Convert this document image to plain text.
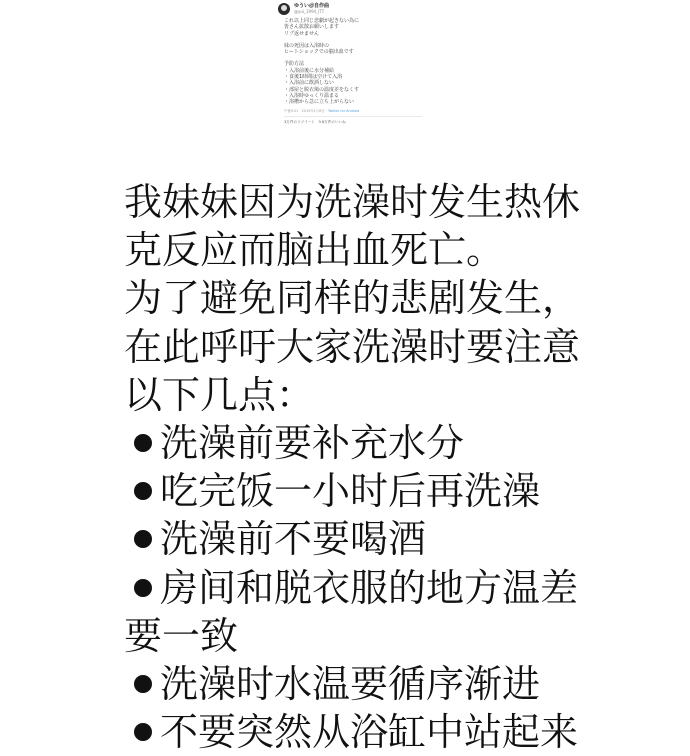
ゆうい＠自作曲
@yui_1994_ITT
これ以上同じ悲劇が起きない為に
皆さん拡散お願いします
リプ返せません
妹の死因は入浴時の
ヒートショックでの脳出血です
予防方法
・入浴前後に水分補給
・食後1時間は空けて入浴
・入浴前に飲酒しない
・部屋と脱衣場の温度差をなくす
・入浴時ゆっくり温まる
・浴槽から急に立ち上がらない
午後9:21 · 2019年1月6日 · Twitter for Android
3万件のリツイート　3.6万件のいいね
我妹妹因为洗澡时发生热休
克反应而脑出血死亡。
为了避免同样的悲剧发生，
在此呼吁大家洗澡时要注意
以下几点：
洗澡前要补充水分
吃完饭一小时后再洗澡
洗澡前不要喝酒
房间和脱衣服的地方温差
要一致
洗澡时水温要循序渐进
不要突然从浴缸中站起来
